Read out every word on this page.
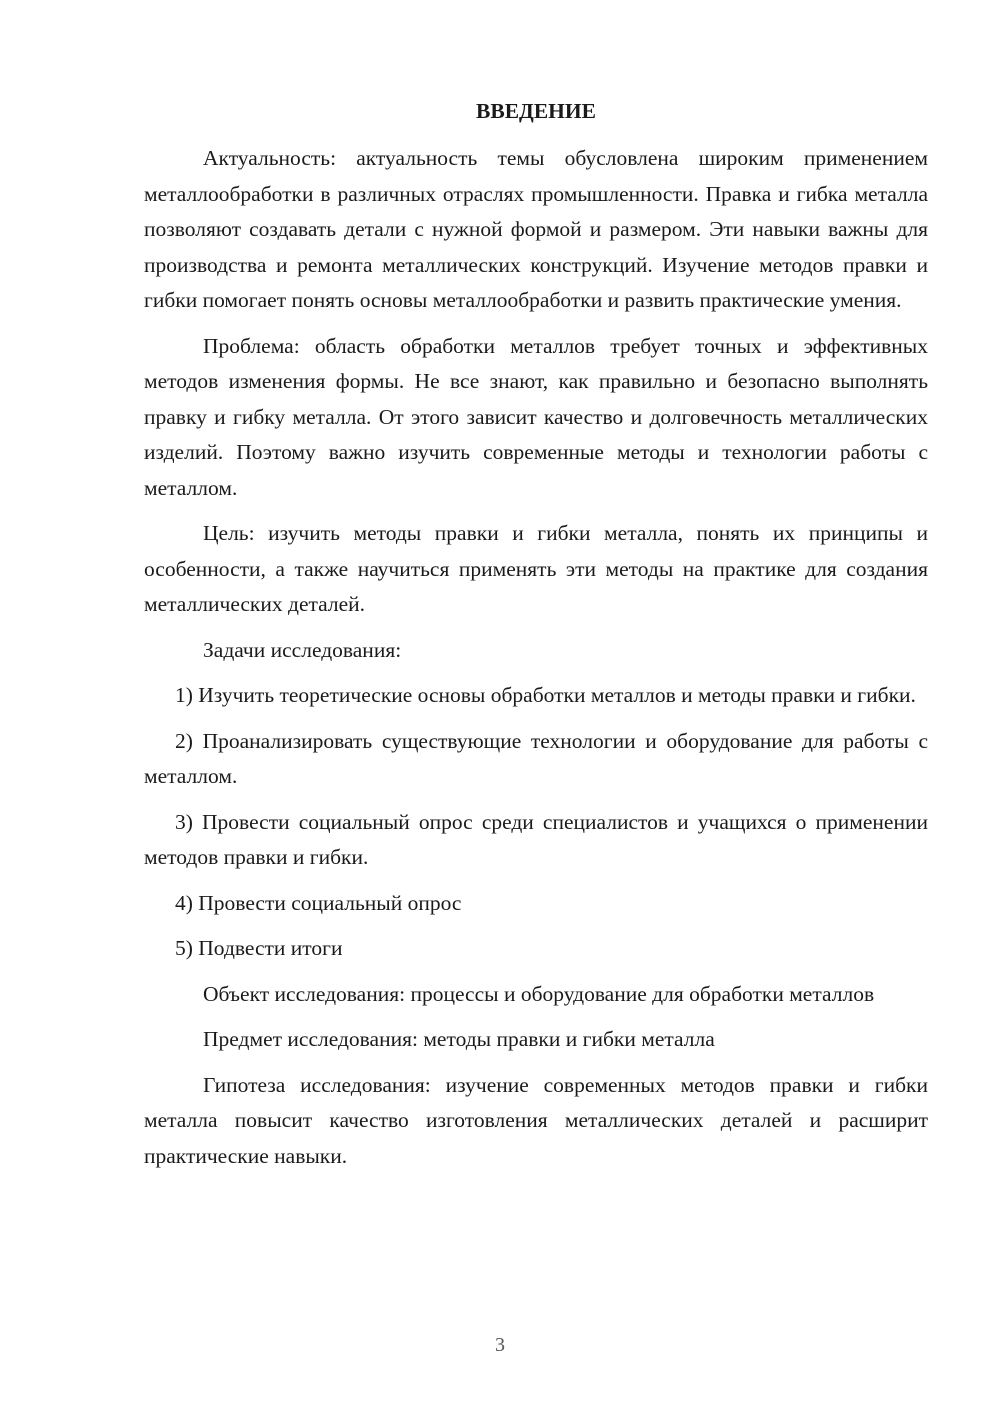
ВВЕДЕНИЕ

Актуальность: актуальность темы обусловлена широким применением металлообработки в различных отраслях промышленности. Правка и гибка металла позволяют создавать детали с нужной формой и размером. Эти навыки важны для производства и ремонта металлических конструкций. Изучение методов правки и гибки помогает понять основы металлообработки и развить практические умения.

Проблема: область обработки металлов требует точных и эффективных методов изменения формы. Не все знают, как правильно и безопасно выполнять правку и гибку металла. От этого зависит качество и долговечность металлических изделий. Поэтому важно изучить современные методы и технологии работы с металлом.

Цель: изучить методы правки и гибки металла, понять их принципы и особенности, а также научиться применять эти методы на практике для создания металлических деталей.

Задачи исследования:

1) Изучить теоретические основы обработки металлов и методы правки и гибки.

2) Проанализировать существующие технологии и оборудование для работы с металлом.

3) Провести социальный опрос среди специалистов и учащихся о применении методов правки и гибки.

4) Провести социальный опрос

5) Подвести итоги

Объект исследования: процессы и оборудование для обработки металлов

Предмет исследования: методы правки и гибки металла

Гипотеза исследования: изучение современных методов правки и гибки металла повысит качество изготовления металлических деталей и расширит практические навыки.

3
